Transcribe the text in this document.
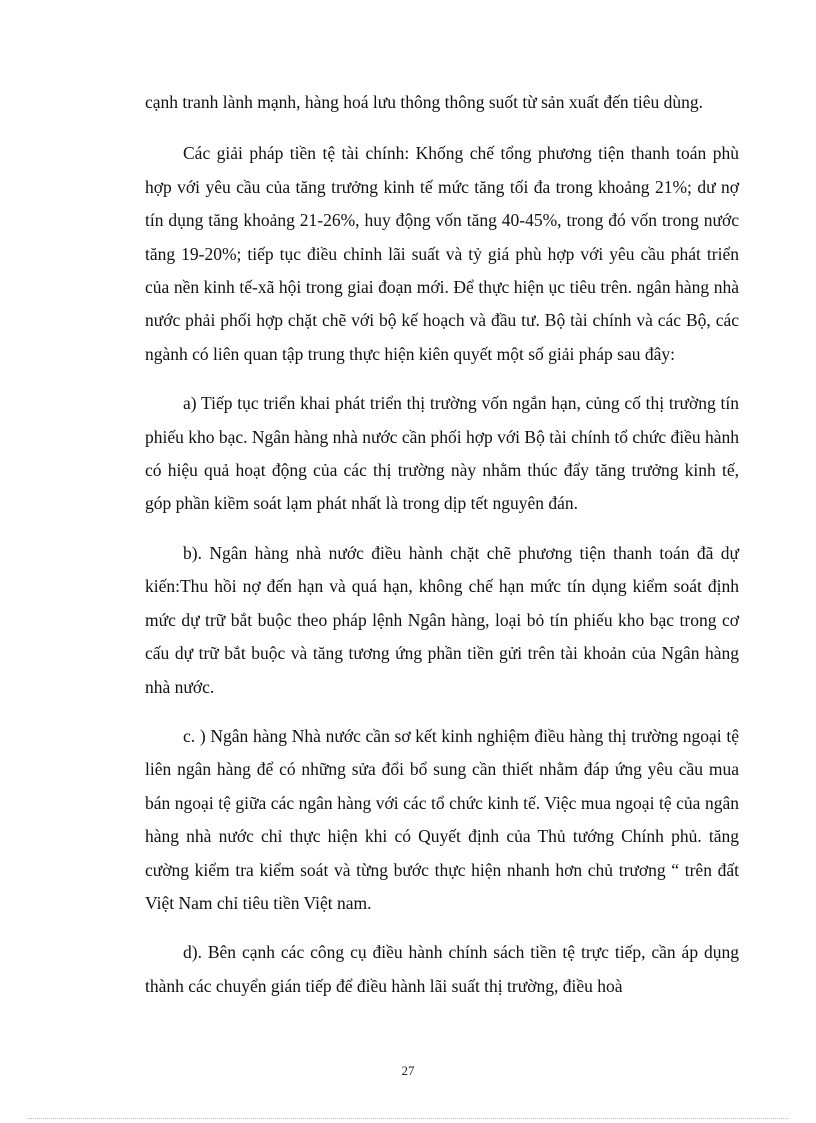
cạnh tranh lành mạnh, hàng hoá lưu thông thông suốt từ sản xuất đến tiêu dùng.

Các giải pháp tiền tệ tài chính: Khống chế tổng phương tiện thanh toán phù hợp với yêu cầu của tăng trưởng kinh tế mức tăng tối đa trong khoảng 21%; dư nợ tín dụng tăng khoảng 21-26%, huy động vốn tăng 40-45%, trong đó vốn trong nước tăng 19-20%; tiếp tục điều chỉnh lãi suất và tỷ giá phù hợp với yêu cầu phát triển của nền kinh tế-xã hội trong giai đoạn mới. Để thực hiện ục tiêu trên. ngân hàng nhà nước phải phối hợp chặt chẽ với bộ kế hoạch và đầu tư. Bộ tài chính và các Bộ, các ngành có liên quan tập trung thực hiện kiên quyết một số giải pháp sau đây:

a) Tiếp tục triển khai phát triển thị trường vốn ngắn hạn, củng cố thị trường tín phiếu kho bạc. Ngân hàng nhà nước cần phối hợp với Bộ tài chính tổ chức điều hành có hiệu quả hoạt động của các thị trường này nhằm thúc đẩy tăng trưởng kinh tế, góp phần kiềm soát lạm phát nhất là trong dịp tết nguyên đán.

b). Ngân hàng nhà nước điều hành chặt chẽ phương tiện thanh toán đã dự kiến:Thu hồi nợ đến hạn và quá hạn, không chế hạn mức tín dụng kiểm soát định mức dự trữ bắt buộc theo pháp lệnh Ngân hàng, loại bỏ tín phiếu kho bạc trong cơ cấu dự trữ bắt buộc và tăng tương ứng phần tiền gửi trên tài khoản của Ngân hàng nhà nước.

c. ) Ngân hàng Nhà nước cần sơ kết kinh nghiệm điều hàng thị trường ngoại tệ liên ngân hàng để có những sửa đổi bổ sung cần thiết nhằm đáp ứng yêu cầu mua bán ngoại tệ giữa các ngân hàng với các tổ chức kinh tế. Việc mua ngoại tệ của ngân hàng nhà nước chỉ thực hiện khi có Quyết định của Thủ tướng Chính phủ. tăng cường kiểm tra kiểm soát và từng bước thực hiện nhanh hơn chủ trương “ trên đất Việt Nam chỉ tiêu tiền Việt nam.

d). Bên cạnh các công cụ điều hành chính sách tiền tệ trực tiếp, cần áp dụng thành các chuyển gián tiếp để điều hành lãi suất thị trường, điều hoà

27
